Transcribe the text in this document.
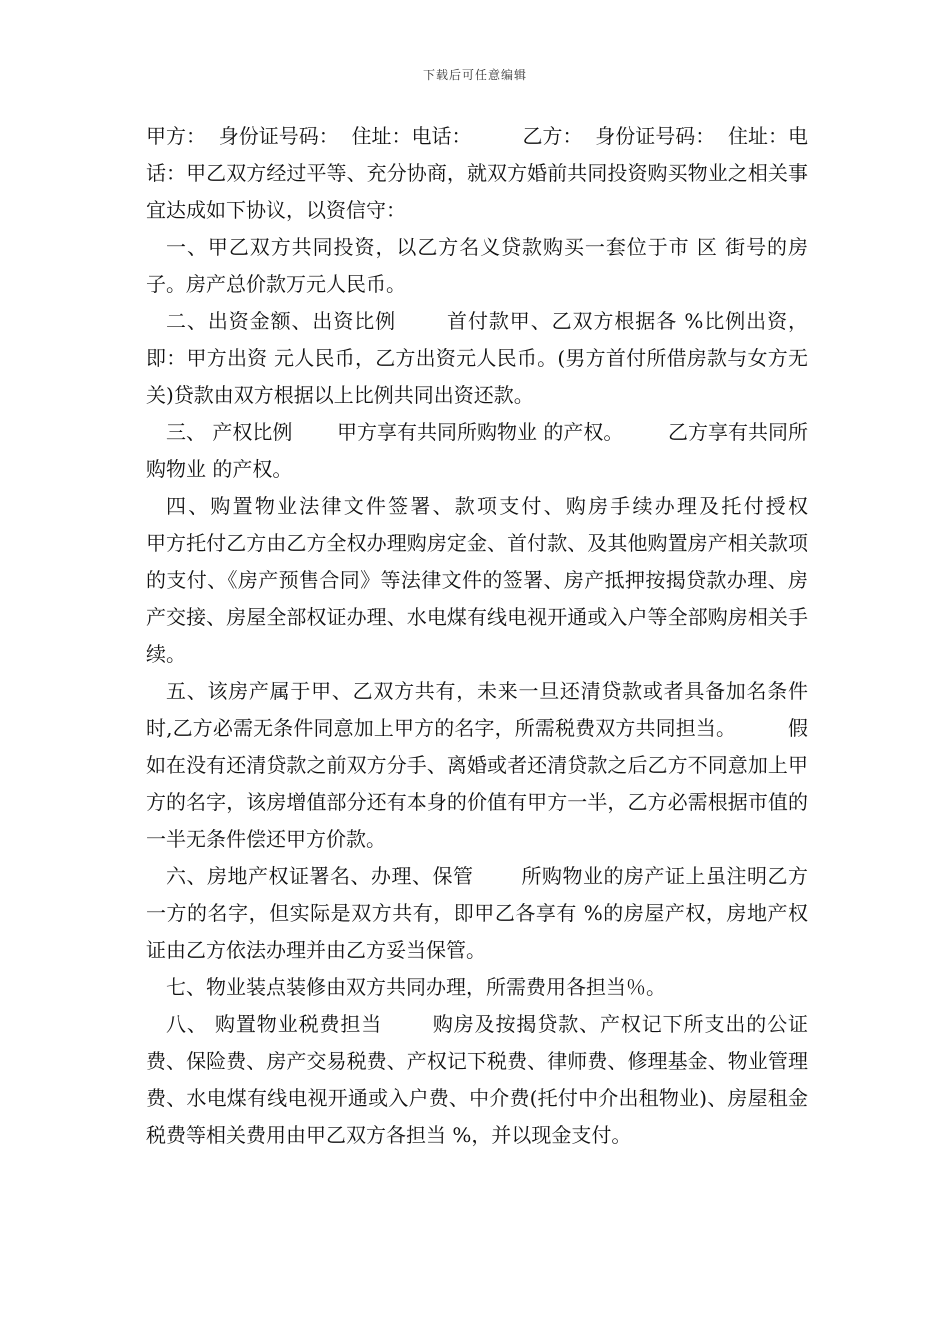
下载后可任意编辑

甲方：  身份证号码：  住址：电话：        乙方：  身份证号码：  住址：电话：甲乙双方经过平等、充分协商，就双方婚前共同投资购买物业之相关事宜达成如下协议，以资信守：

一、甲乙双方共同投资，以乙方名义贷款购买一套位于市 区 街号的房子。房产总价款万元人民币。

二、出资金额、出资比例       首付款甲、乙双方根据各 %比例出资，即：甲方出资 元人民币，乙方出资元人民币。(男方首付所借房款与女方无关)贷款由双方根据以上比例共同出资还款。

三、 产权比例       甲方享有共同所购物业 的产权。       乙方享有共同所购物业 的产权。

四、购置物业法律文件签署、款项支付、购房手续办理及托付授权       甲方托付乙方由乙方全权办理购房定金、首付款、及其他购置房产相关款项的支付、《房产预售合同》等法律文件的签署、房产抵押按揭贷款办理、房产交接、房屋全部权证办理、水电煤有线电视开通或入户等全部购房相关手续。

五、该房产属于甲、乙双方共有，未来一旦还清贷款或者具备加名条件时,乙方必需无条件同意加上甲方的名字，所需税费双方共同担当。        假如在没有还清贷款之前双方分手、离婚或者还清贷款之后乙方不同意加上甲方的名字，该房增值部分还有本身的价值有甲方一半，乙方必需根据市值的一半无条件偿还甲方价款。

六、房地产权证署名、办理、保管       所购物业的房产证上虽注明乙方一方的名字，但实际是双方共有，即甲乙各享有 %的房屋产权，房地产权证由乙方依法办理并由乙方妥当保管。

七、物业装点装修由双方共同办理，所需费用各担当％。

八、 购置物业税费担当       购房及按揭贷款、产权记下所支出的公证费、保险费、房产交易税费、产权记下税费、律师费、修理基金、物业管理费、水电煤有线电视开通或入户费、中介费(托付中介出租物业)、房屋租金税费等相关费用由甲乙双方各担当 %，并以现金支付。
